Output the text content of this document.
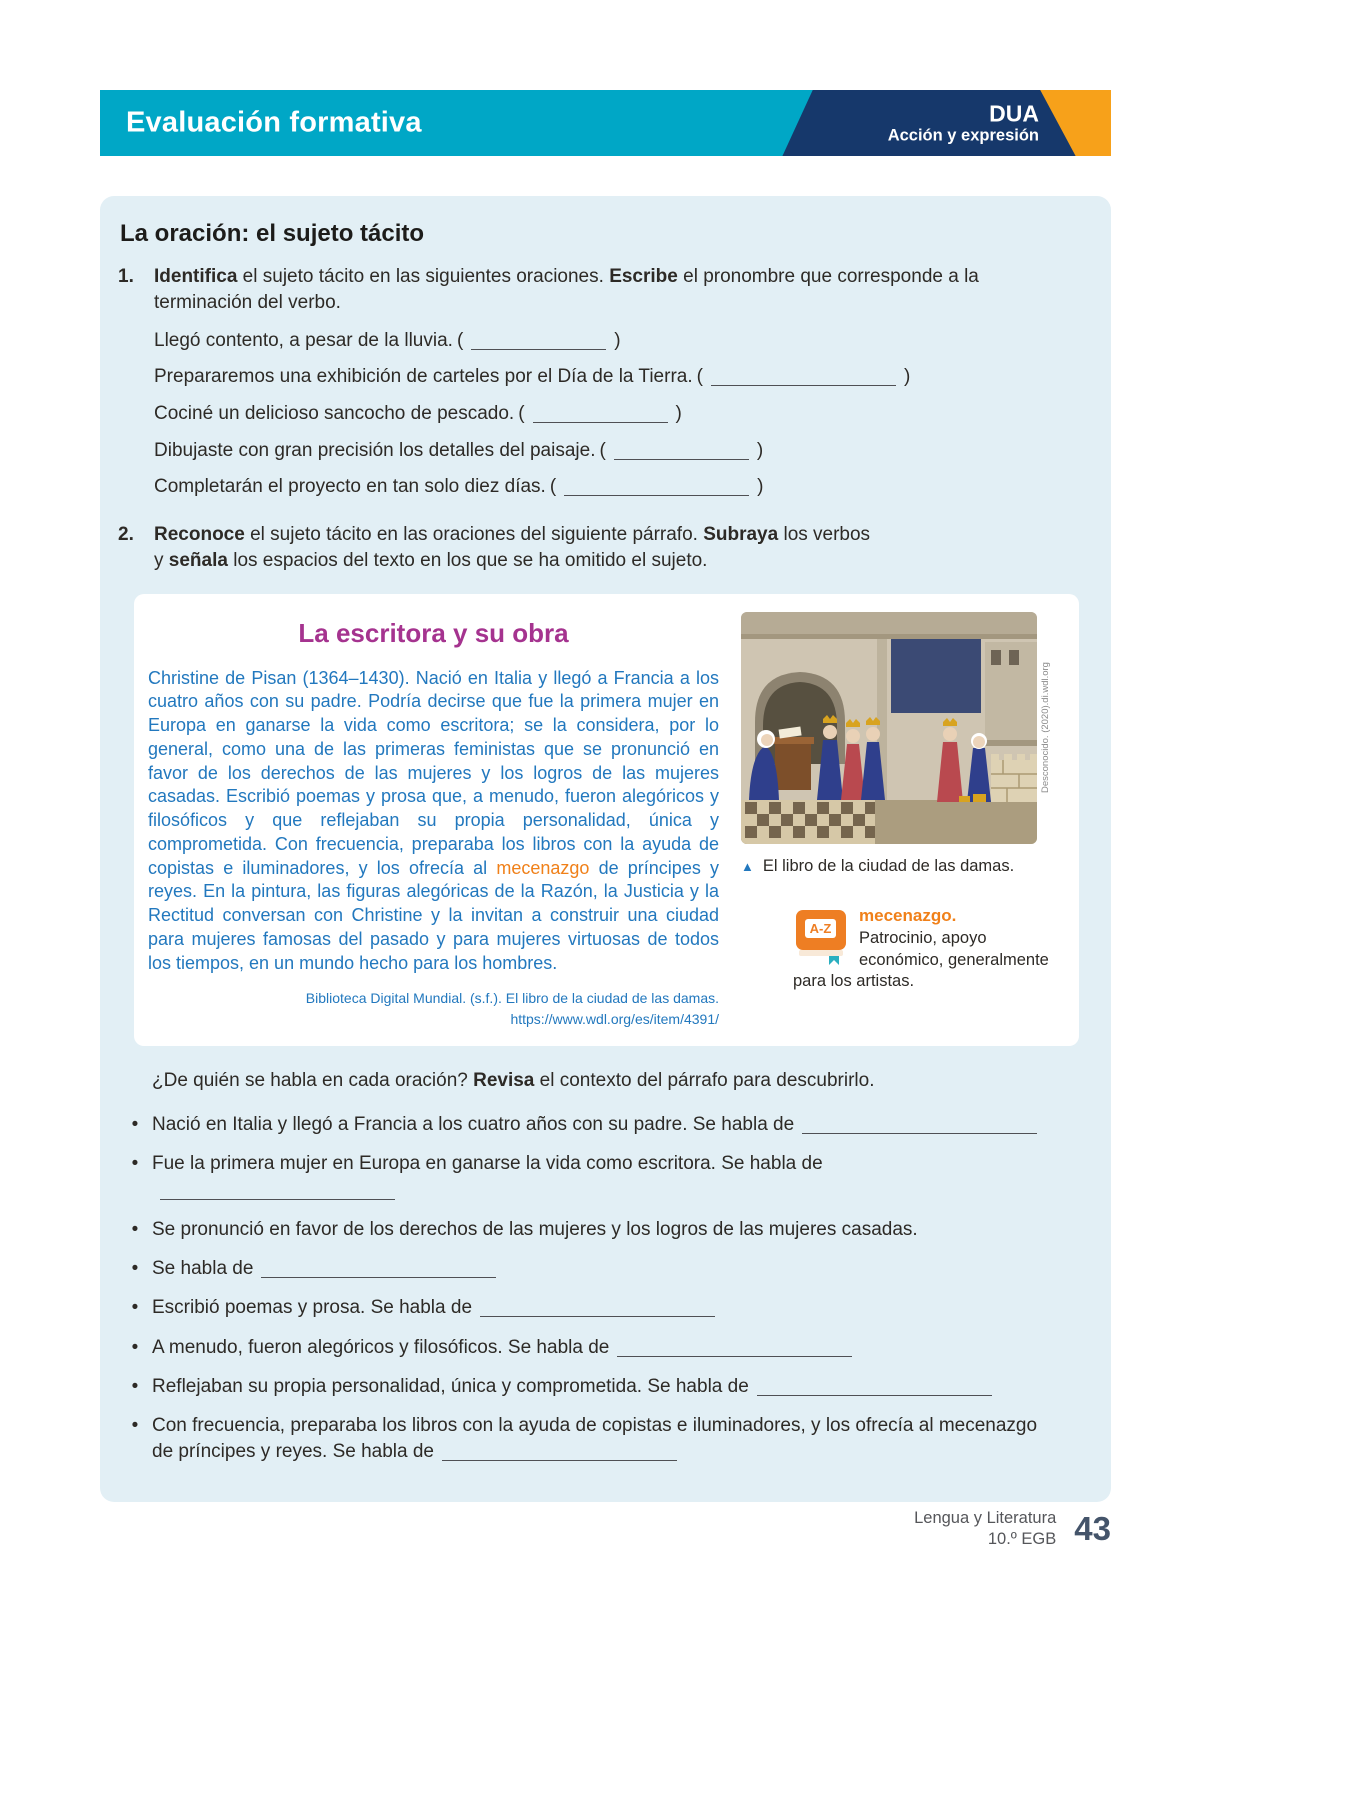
Evaluación formativa	DUA
Acción y expresión
La oración: el sujeto tácito
1.	Identifica el sujeto tácito en las siguientes oraciones. Escribe el pronombre que corresponde a la terminación del verbo.
Llegó contento, a pesar de la lluvia. (	)
Prepararemos una exhibición de carteles por el Día de la Tierra. (	)
Cociné un delicioso sancocho de pescado. (	)
Dibujaste con gran precisión los detalles del paisaje. (	)
Completarán el proyecto en tan solo diez días. (	)
2.	Reconoce el sujeto tácito en las oraciones del siguiente párrafo. Subraya los verbos y señala los espacios del texto en los que se ha omitido el sujeto.
La escritora y su obra

Christine de Pisan (1364–1430). Nació en Italia y llegó a Francia a los cuatro años con su padre. Podría decirse que fue la primera mujer en Europa en ganarse la vida como escritora; se la considera, por lo general, como una de las primeras feministas que se pronunció en favor de los derechos de las mujeres y los logros de las mujeres casadas. Escribió poemas y prosa que, a menudo, fueron alegóricos y filosóficos y que reflejaban su propia personalidad, única y comprometida. Con frecuencia, preparaba los libros con la ayuda de copistas e iluminadores, y los ofrecía al mecenazgo de príncipes y reyes. En la pintura, las figuras alegóricas de la Razón, la Justicia y la Rectitud conversan con Christine y la invitan a construir una ciudad para mujeres famosas del pasado y para mujeres virtuosas de todos los tiempos, en un mundo hecho para los hombres.

Biblioteca Digital Mundial. (s.f.). El libro de la ciudad de las damas.
https://www.wdl.org/es/item/4391/
Desconocido. (2020).di.wdl.org
▲ El libro de la ciudad de las damas.
A-Z
mecenazgo.
Patrocinio, apoyo económico, generalmente para los artistas.
¿De quién se habla en cada oración? Revisa el contexto del párrafo para descubrirlo.
• Nació en Italia y llegó a Francia a los cuatro años con su padre. Se habla de
• Fue la primera mujer en Europa en ganarse la vida como escritora. Se habla de
• Se pronunció en favor de los derechos de las mujeres y los logros de las mujeres casadas.
• Se habla de
• Escribió poemas y prosa. Se habla de
• A menudo, fueron alegóricos y filosóficos. Se habla de
• Reflejaban su propia personalidad, única y comprometida. Se habla de
• Con frecuencia, preparaba los libros con la ayuda de copistas e iluminadores, y los ofrecía al mecenazgo de príncipes y reyes. Se habla de
Lengua y Literatura
10.º EGB 43
